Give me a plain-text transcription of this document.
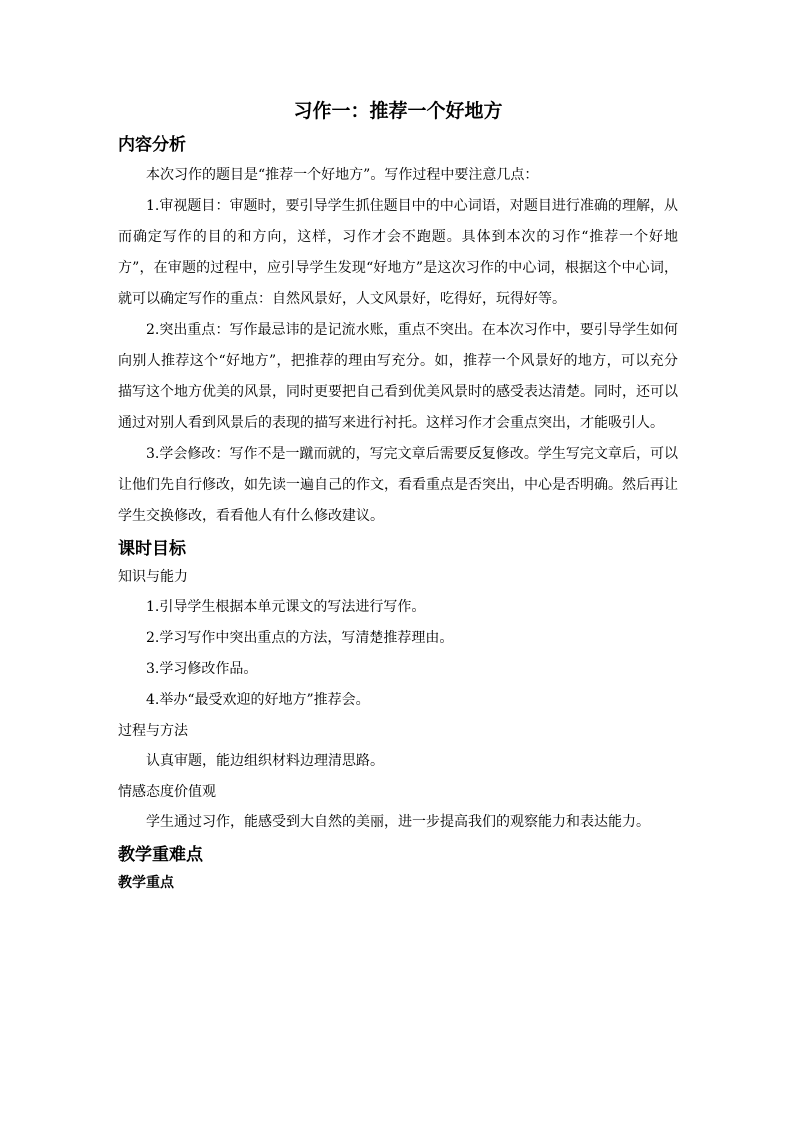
习作一：推荐一个好地方
内容分析

本次习作的题目是“推荐一个好地方”。写作过程中要注意几点：

1.审视题目：审题时，要引导学生抓住题目中的中心词语，对题目进行准确的理解，从而确定写作的目的和方向，这样，习作才会不跑题。具体到本次的习作“推荐一个好地方”，在审题的过程中，应引导学生发现“好地方”是这次习作的中心词，根据这个中心词，就可以确定写作的重点：自然风景好，人文风景好，吃得好，玩得好等。

2.突出重点：写作最忌讳的是记流水账，重点不突出。在本次习作中，要引导学生如何向别人推荐这个“好地方”，把推荐的理由写充分。如，推荐一个风景好的地方，可以充分描写这个地方优美的风景，同时更要把自己看到优美风景时的感受表达清楚。同时，还可以通过对别人看到风景后的表现的描写来进行衬托。这样习作才会重点突出，才能吸引人。

3.学会修改：写作不是一蹴而就的，写完文章后需要反复修改。学生写完文章后，可以让他们先自行修改，如先读一遍自己的作文，看看重点是否突出，中心是否明确。然后再让学生交换修改，看看他人有什么修改建议。

课时目标
知识与能力

1.引导学生根据本单元课文的写法进行写作。

2.学习写作中突出重点的方法，写清楚推荐理由。

3.学习修改作品。

4.举办“最受欢迎的好地方”推荐会。

过程与方法

认真审题，能边组织材料边理清思路。

情感态度价值观

学生通过习作，能感受到大自然的美丽，进一步提高我们的观察能力和表达能力。

教学重难点
教学重点
